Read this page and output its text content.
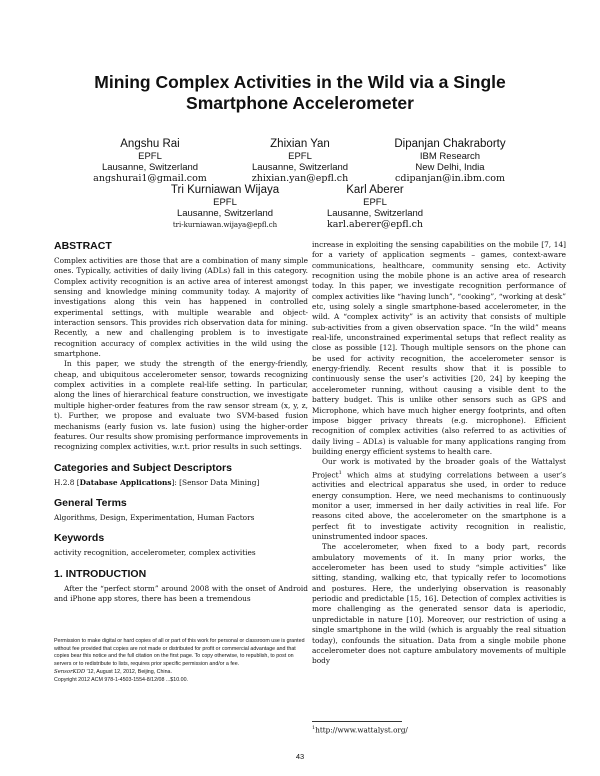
Mining Complex Activities in the Wild via a Single
Smartphone Accelerometer
Angshu Rai
EPFL
Lausanne, Switzerland
angshurai1@gmail.com
Zhixian Yan
EPFL
Lausanne, Switzerland
zhixian.yan@epfl.ch
Dipanjan Chakraborty
IBM Research
New Delhi, India
cdipanjan@in.ibm.com
Tri Kurniawan Wijaya
EPFL
Lausanne, Switzerland
tri-kurniawan.wijaya@epfl.ch
Karl Aberer
EPFL
Lausanne, Switzerland
karl.aberer@epfl.ch
ABSTRACT

Complex activities are those that are a combination of many simple ones. Typically, activities of daily living (ADLs) fall in this category. Complex activity recognition is an active area of interest amongst sensing and knowledge mining community today. A majority of investigations along this vein has happened in controlled experimental settings, with multiple wearable and object-interaction sensors. This provides rich observation data for mining. Recently, a new and challenging problem is to investigate recognition accuracy of complex activities in the wild using the smartphone.

In this paper, we study the strength of the energy-friendly, cheap, and ubiquitous accelerometer sensor, towards recognizing complex activities in a complete real-life setting. In particular, along the lines of hierarchical feature construction, we investigate multiple higher-order features from the raw sensor stream (x, y, z, t). Further, we propose and evaluate two SVM-based fusion mechanisms (early fusion vs. late fusion) using the higher-order features. Our results show promising performance improvements in recognizing complex activities, w.r.t. prior results in such settings.

Categories and Subject Descriptors

H.2.8 [Database Applications]: [Sensor Data Mining]

General Terms

Algorithms, Design, Experimentation, Human Factors

Keywords

activity recognition, accelerometer, complex activities

1. INTRODUCTION

After the “perfect storm” around 2008 with the onset of Android and iPhone app stores, there has been a tremendous

Permission to make digital or hard copies of all or part of this work for personal or classroom use is granted without fee provided that copies are not made or distributed for profit or commercial advantage and that copies bear this notice and the full citation on the first page. To copy otherwise, to republish, to post on servers or to redistribute to lists, requires prior specific permission and/or a fee.
SensorKDD ’12, August 12, 2012, Beijing, China.
Copyright 2012 ACM 978-1-4503-1554-8/12/08 ...$10.00.

increase in exploiting the sensing capabilities on the mobile [7, 14] for a variety of application segments – games, context-aware communications, healthcare, community sensing etc. Activity recognition using the mobile phone is an active area of research today. In this paper, we investigate recognition performance of complex activities like “having lunch”, “cooking”, “working at desk” etc, using solely a single smartphone-based accelerometer, in the wild. A “complex activity” is an activity that consists of multiple sub-activities from a given observation space. “In the wild” means real-life, unconstrained experimental setups that reflect reality as close as possible [12]. Though multiple sensors on the phone can be used for activity recognition, the accelerometer sensor is energy-friendly. Recent results show that it is possible to continuously sense the user’s activities [20, 24] by keeping the accelerometer running, without causing a visible dent to the battery budget. This is unlike other sensors such as GPS and Microphone, which have much higher energy footprints, and often impose bigger privacy threats (e.g. microphone). Efficient recognition of complex activities (also referred to as activities of daily living – ADLs) is valuable for many applications ranging from building energy efficient systems to health care.

Our work is motivated by the broader goals of the Wattalyst Project$^1$ which aims at studying correlations between a user’s activities and electrical apparatus she used, in order to reduce energy consumption. Here, we need mechanisms to continuously monitor a user, immersed in her daily activities in real life. For reasons cited above, the accelerometer on the smartphone is a perfect fit to investigate activity recognition in realistic, uninstrumented indoor spaces.

The accelerometer, when fixed to a body part, records ambulatory movements of it. In many prior works, the accelerometer has been used to study “simple activities” like sitting, standing, walking etc, that typically refer to locomotions and postures. Here, the underlying observation is reasonably periodic and predictable [15, 16]. Detection of complex activities is more challenging as the generated sensor data is aperiodic, unpredictable in nature [10]. Moreover, our restriction of using a single smartphone in the wild (which is arguably the real situation today), confounds the situation. Data from a single mobile phone accelerometer does not capture ambulatory movements of multiple body

$^1$http://www.wattalyst.org/
43
